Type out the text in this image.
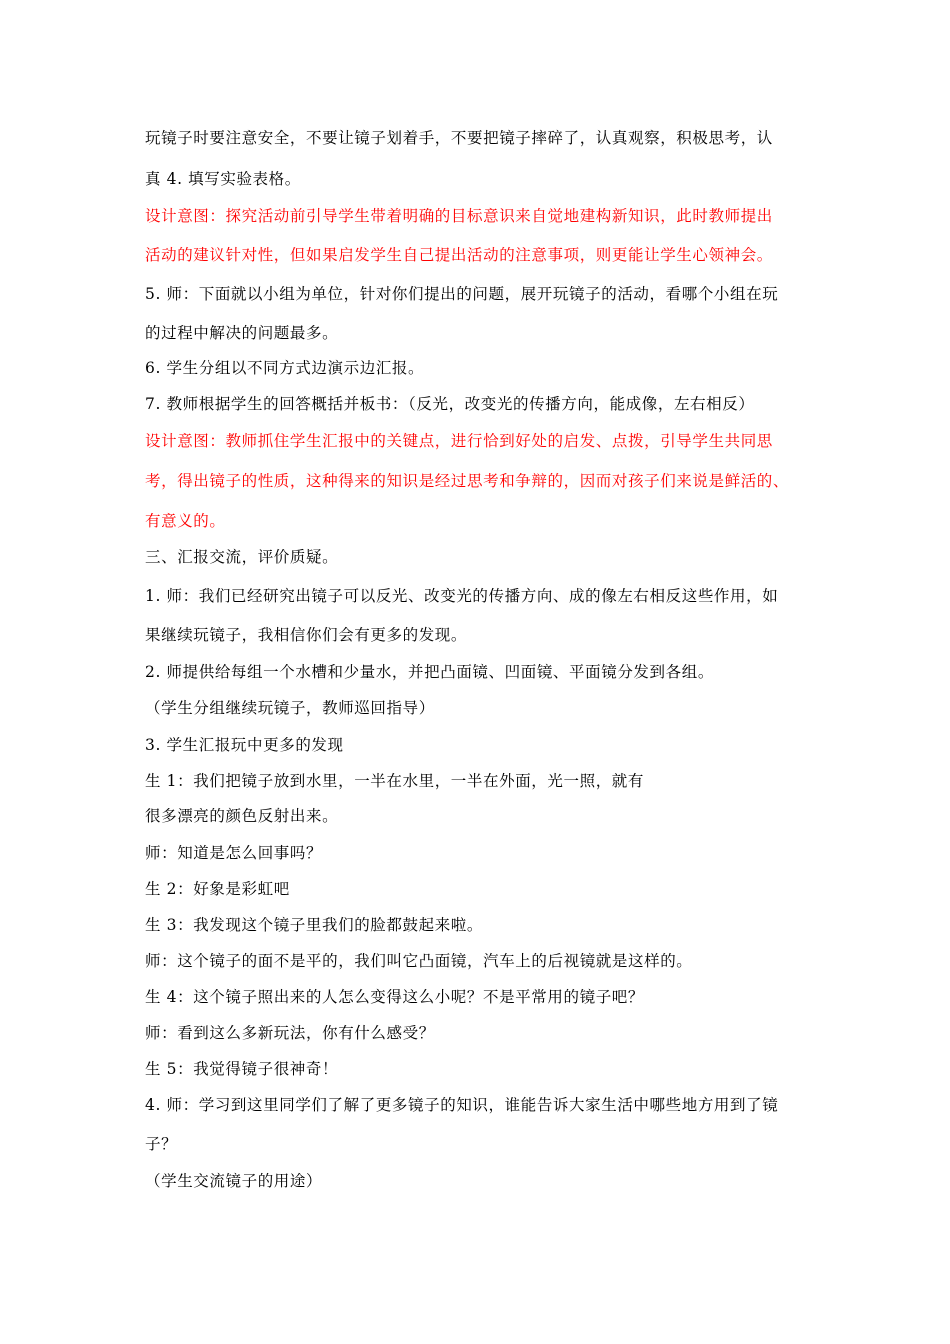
玩镜子时要注意安全，不要让镜子划着手，不要把镜子摔碎了，认真观察，积极思考，认
真 4. 填写实验表格。
设计意图：探究活动前引导学生带着明确的目标意识来自觉地建构新知识，此时教师提出
活动的建议针对性，但如果启发学生自己提出活动的注意事项，则更能让学生心领神会。
5. 师：下面就以小组为单位，针对你们提出的问题，展开玩镜子的活动，看哪个小组在玩
的过程中解决的问题最多。
6. 学生分组以不同方式边演示边汇报。
7. 教师根据学生的回答概括并板书：（反光，改变光的传播方向，能成像，左右相反）
设计意图：教师抓住学生汇报中的关键点，进行恰到好处的启发、点拨，引导学生共同思
考，得出镜子的性质，这种得来的知识是经过思考和争辩的，因而对孩子们来说是鲜活的、
有意义的。
三、汇报交流，评价质疑。
1. 师：我们已经研究出镜子可以反光、改变光的传播方向、成的像左右相反这些作用，如
果继续玩镜子，我相信你们会有更多的发现。
2. 师提供给每组一个水槽和少量水，并把凸面镜、凹面镜、平面镜分发到各组。
（学生分组继续玩镜子，教师巡回指导）
3. 学生汇报玩中更多的发现
生 1：我们把镜子放到水里，一半在水里，一半在外面，光一照，就有
很多漂亮的颜色反射出来。
师：知道是怎么回事吗？
生 2：好象是彩虹吧
生 3：我发现这个镜子里我们的脸都鼓起来啦。
师：这个镜子的面不是平的，我们叫它凸面镜，汽车上的后视镜就是这样的。
生 4：这个镜子照出来的人怎么变得这么小呢？不是平常用的镜子吧？
师：看到这么多新玩法，你有什么感受？
生 5：我觉得镜子很神奇！
4. 师：学习到这里同学们了解了更多镜子的知识，谁能告诉大家生活中哪些地方用到了镜
子？
（学生交流镜子的用途）
